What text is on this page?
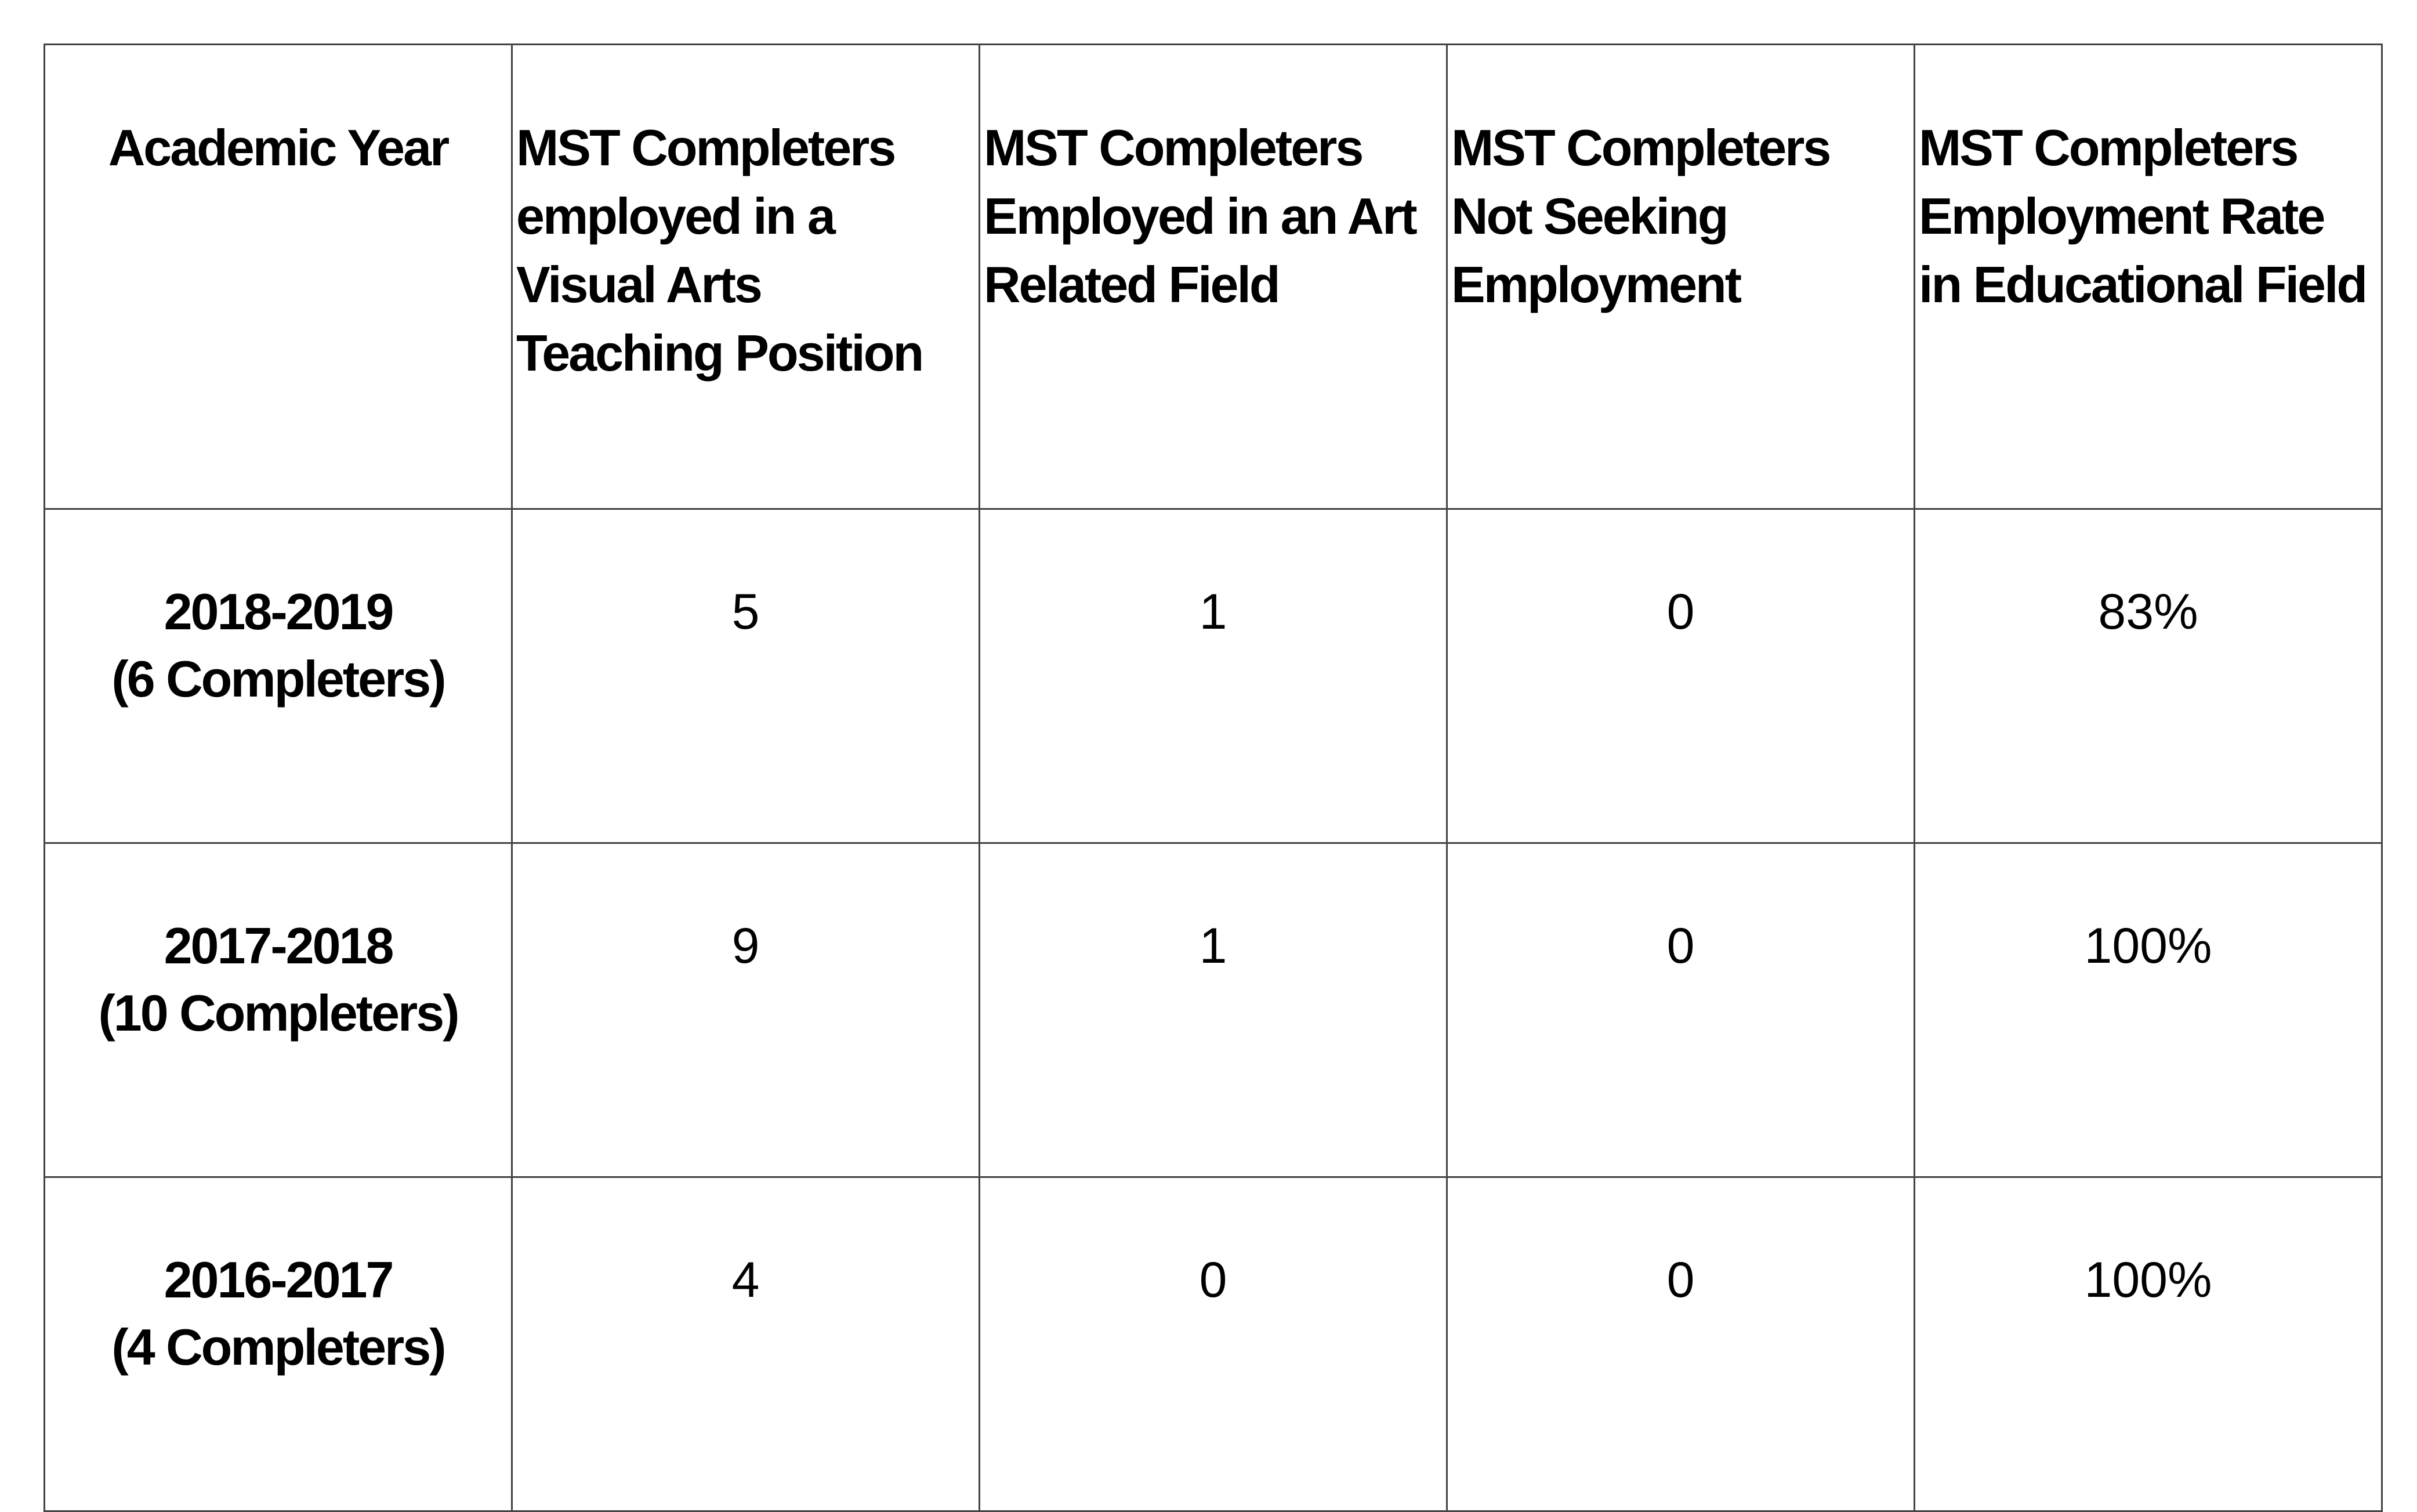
Academic Year	MST Completers employed in a Visual Arts Teaching Position	MST Completers Employed in an Art Related Field	MST Completers Not Seeking Employment	MST Completers Employment Rate in Educational Field

2018-2019
(6 Completers)	5	1	0	83%

2017-2018
(10 Completers)	9	1	0	100%

2016-2017
(4 Completers)	4	0	0	100%
